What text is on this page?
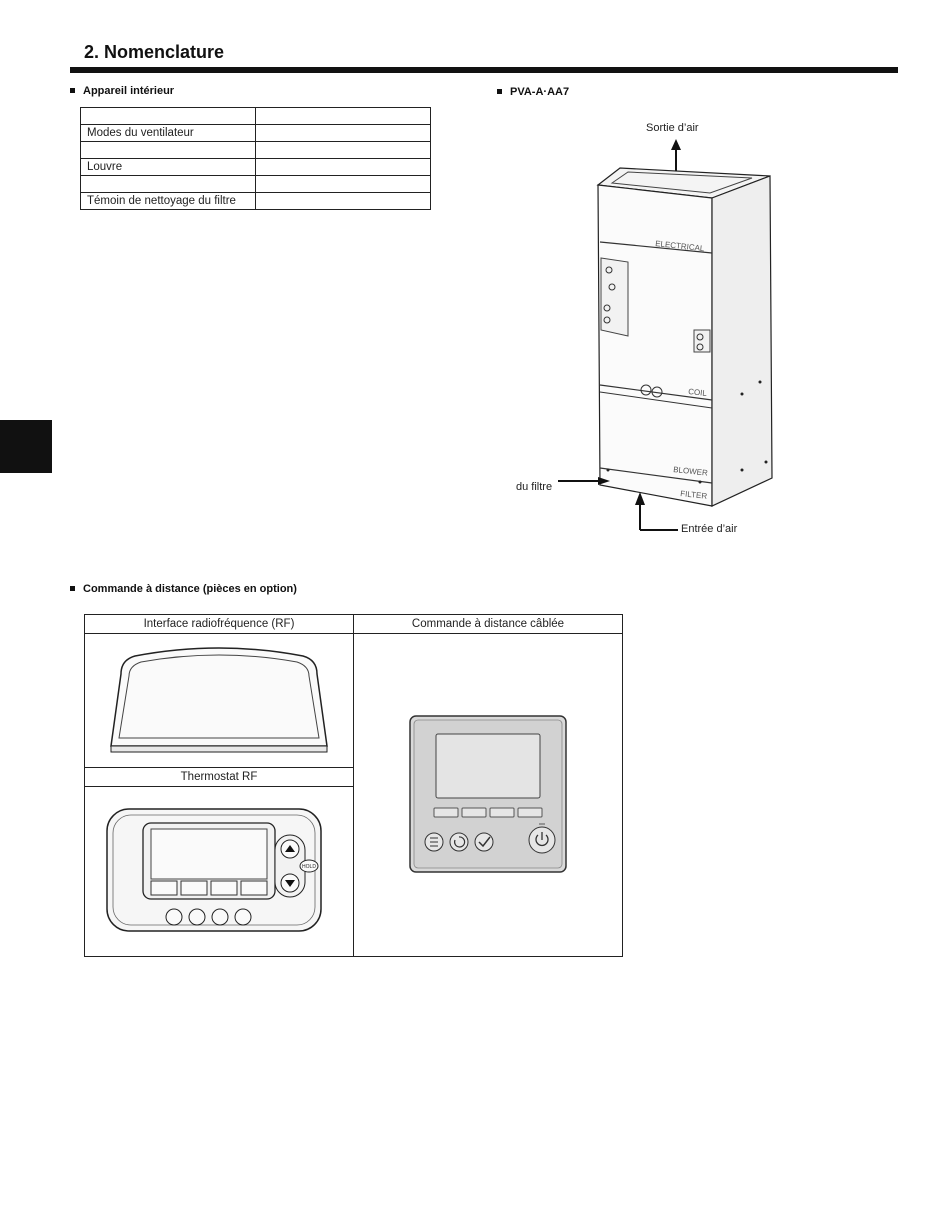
2. Nomenclature
Appareil intérieur

Modes du ventilateur	

Louvre	

Témoin de nettoyage du filtre	
PVA-A·AA7
Sortie d’air
du filtre
Entrée d’air
ELECTRICAL
COIL
BLOWER
FILTER
Commande à distance (pièces en option)
Interface radiofréquence (RF)	Commande à distance câblée

Thermostat RF	

HOLD	
